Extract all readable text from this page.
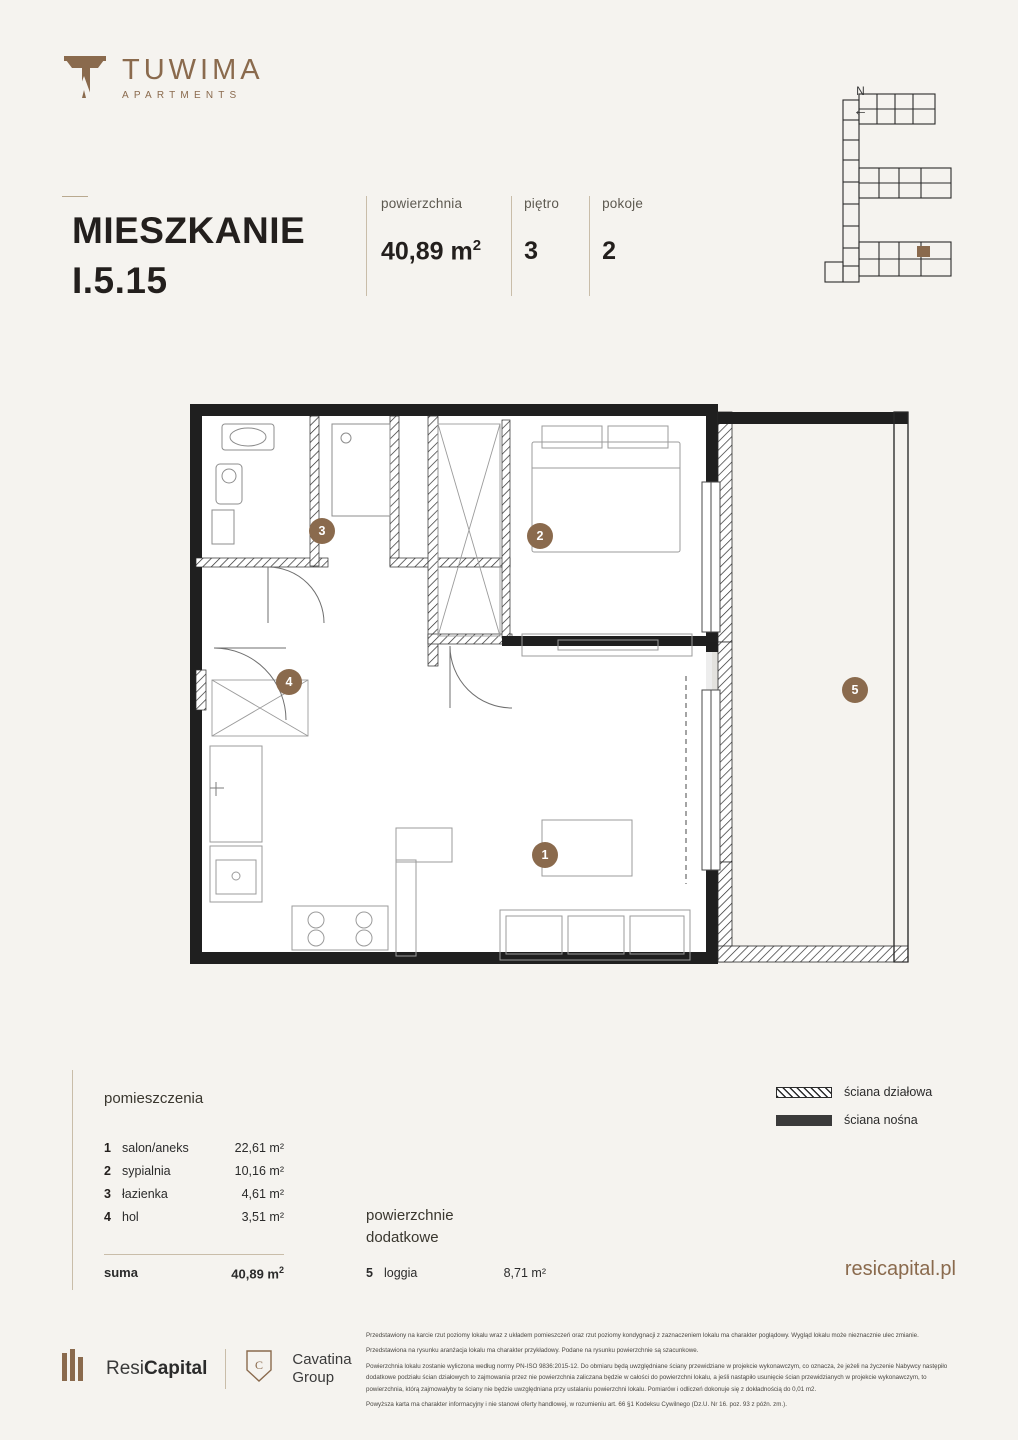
TUWIMA
APARTMENTS
MIESZKANIE
I.5.15
powierzchnia
40,89 $m^2$
piętro
3
pokoje
2
N
←
1
2
3
4
5
pomieszczenia
1	salon/aneks	22,61 m²
2	sypialnia	10,16 m²
3	łazienka	4,61 m²
4	hol	3,51 m²
suma	40,89 $m^2$
powierzchnie
dodatkowe
5 loggia	8,71 m²
ściana działowa
ściana nośna
resicapital.pl
ResiCapital	C Cavatina
Group

Przedstawiony na karcie rzut poziomy lokalu wraz z układem pomieszczeń oraz rzut poziomy kondygnacji z zaznaczeniem lokalu ma charakter poglądowy. Wygląd lokalu może nieznacznie ulec zmianie.

Przedstawiona na rysunku aranżacja lokalu ma charakter przykładowy. Podane na rysunku powierzchnie są szacunkowe.

Powierzchnia lokalu zostanie wyliczona według normy PN-ISO 9836:2015-12. Do obmiaru będą uwzględniane ściany przewidziane w projekcie wykonawczym, co oznacza, że jeżeli na życzenie Nabywcy następiło dodatkowe podziału ścian działowych to zajmowania przez nie powierzchnia zaliczana będzie w całości do powierzchni lokalu, a jeśli nastąpiło usunięcie ścian przewidzianych w projekcie wykonawczym, to powierzchnia, którą zajmowałyby te ściany nie będzie uwzględniana przy ustalaniu powierzchni lokalu. Pomiarów i odliczeń dokonuje się z dokładnością do 0,01 m2.

Powyższa karta ma charakter informacyjny i nie stanowi oferty handlowej, w rozumieniu art. 66 §1 Kodeksu Cywilnego (Dz.U. Nr 16. poz. 93 z późn. zm.).
